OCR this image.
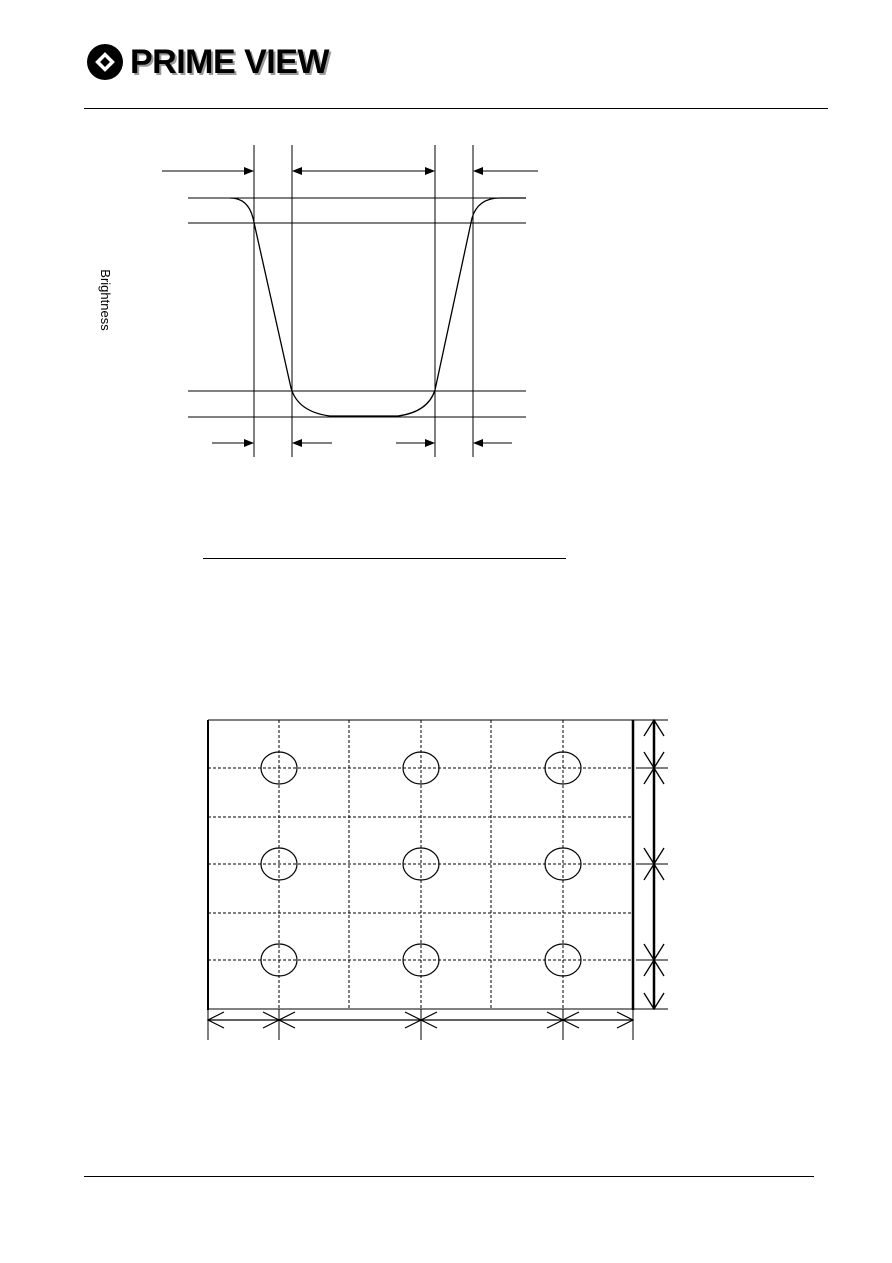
PRIME VIEW
Brightness
